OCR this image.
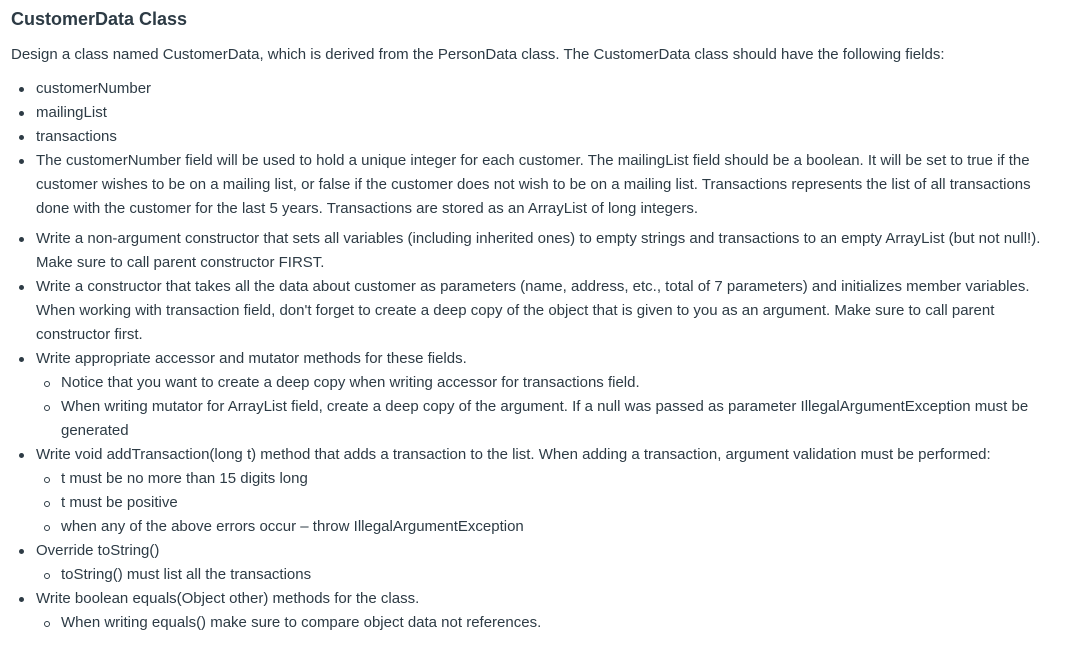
CustomerData Class

Design a class named CustomerData, which is derived from the PersonData class. The CustomerData class should have the following fields:

customerNumber
mailingList
transactions
The customerNumber field will be used to hold a unique integer for each customer. The mailingList field should be a boolean. It will be set to true if the customer wishes to be on a mailing list, or false if the customer does not wish to be on a mailing list. Transactions represents the list of all transactions done with the customer for the last 5 years. Transactions are stored as an ArrayList of long integers.
Write a non-argument constructor that sets all variables (including inherited ones) to empty strings and transactions to an empty ArrayList (but not null!). Make sure to call parent constructor FIRST.
Write a constructor that takes all the data about customer as parameters (name, address, etc., total of 7 parameters) and initializes member variables. When working with transaction field, don't forget to create a deep copy of the object that is given to you as an argument. Make sure to call parent constructor first.
Write appropriate accessor and mutator methods for these fields.
Notice that you want to create a deep copy when writing accessor for transactions field.
When writing mutator for ArrayList field, create a deep copy of the argument. If a null was passed as parameter IllegalArgumentException must be generated
Write void addTransaction(long t) method that adds a transaction to the list. When adding a transaction, argument validation must be performed:
t must be no more than 15 digits long
t must be positive
when any of the above errors occur – throw IllegalArgumentException
Override toString()
toString() must list all the transactions
Write boolean equals(Object other) methods for the class.
When writing equals() make sure to compare object data not references.
